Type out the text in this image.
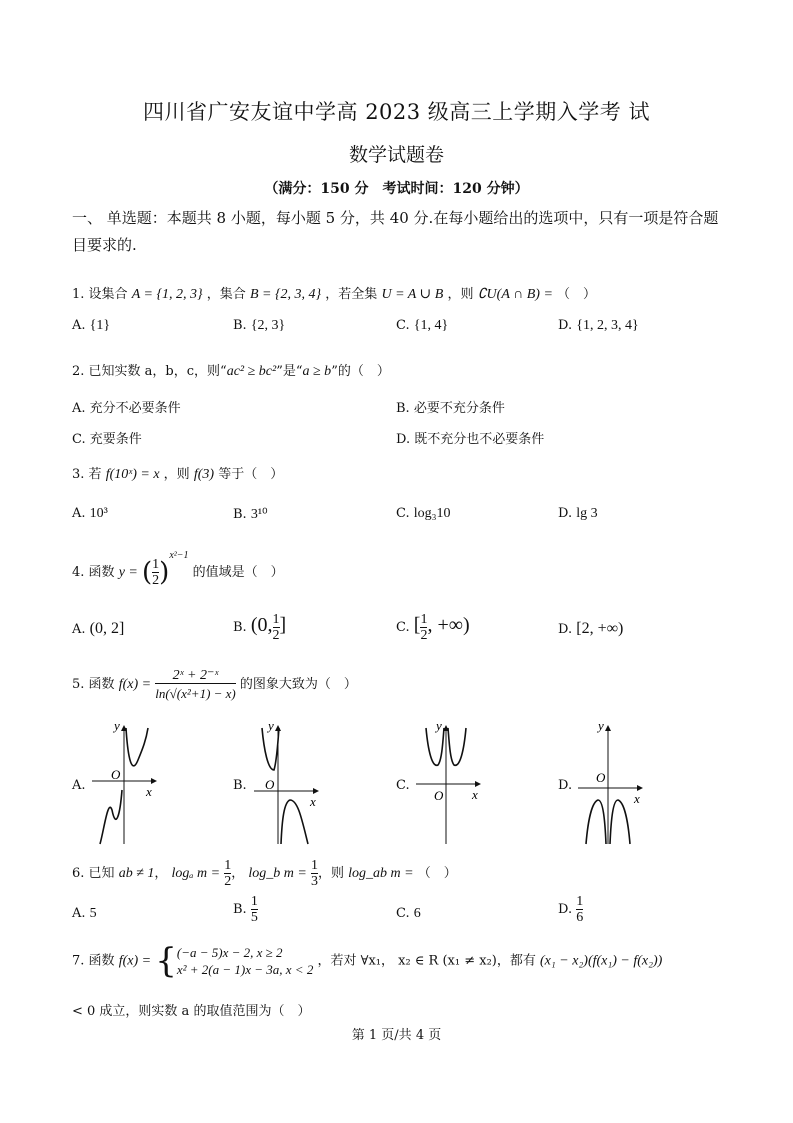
四川省广安友谊中学高 2023 级高三上学期入学考 试
数学试题卷
（满分：150 分　考试时间：120 分钟）
一、 单选题：本题共 8 小题，每小题 5 分，共 40 分.在每小题给出的选项中，只有一项是符合题目要求的.
1. 设集合 A = {1, 2, 3} ，集合 B = {2, 3, 4} ，若全集 U = A ∪ B ，则 ∁U(A ∩ B) = （　）
A. {1}	B. {2, 3}	C. {1, 4}	D. {1, 2, 3, 4}
2. 已知实数 a，b，c，则“ac² ≥ bc²”是“a ≥ b”的（　）
A. 充分不必要条件	B. 必要不充分条件
C. 充要条件	D. 既不充分也不必要条件
3. 若 f(10ˣ) = x ，则 f(3) 等于（　）
A. 10³	B. 3¹⁰	C. log₃10	D. lg 3
4. 函数 y = ( $\frac{1}{2} )^{x^2-1}$ 的值域是（　）
A. (0, 2]	B. (0, $\frac{1}{2}$ ]	C. [ $\frac{1}{2}$ , +∞)	D. [2, +∞)
5. 函数 $f(x) = \frac{\text{2ˣ + 2⁻ˣ}}{\text{ln(√(x²+1) − x)}}$ 的图象大致为（　）
A.
y
x
O
B.
y
x
O	C.
y
x
O
D.
y
x
O
6. 已知 ab ≠ 1， logₐ $m = \frac{1}{2}$ ， log_b $m = \frac{1}{3}$ ，则 log_ab m = （　）
A. 5	B. $\frac{1}{5}$	C. 6	D. $\frac{1}{6}$
7. 函数 f(x) = { (−a − 5)x − 2, x ≥ 2
x² + 2(a − 1)x − 3a, x < 2
，若对 ∀x₁， x₂ ∈ R (x₁ ≠ x₂)，都有 (x₁ − x₂)(f(x₁) − f(x₂))
< 0 成立，则实数 a 的取值范围为（　）
第 1 页/共 4 页
